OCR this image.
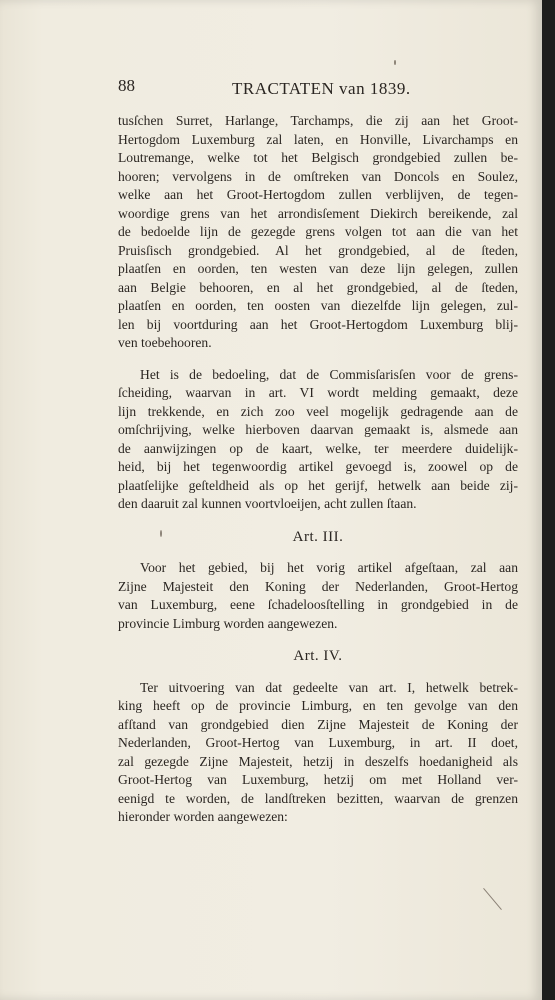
88	TRACTATEN van 1839.
tusſchen Surret, Harlange, Tarchamps, die zij aan het Groot-
Hertogdom Luxemburg zal laten, en Honville, Livarchamps en
Loutremange, welke tot het Belgisch grondgebied zullen be-
hooren; vervolgens in de omſtreken van Doncols en Soulez,
welke aan het Groot-Hertogdom zullen verblijven, de tegen-
woordige grens van het arrondisſement Diekirch bereikende, zal
de bedoelde lijn de gezegde grens volgen tot aan die van het
Pruisſisch grondgebied. Al het grondgebied, al de ſteden,
plaatſen en oorden, ten westen van deze lijn gelegen, zullen
aan Belgie behooren, en al het grondgebied, al de ſteden,
plaatſen en oorden, ten oosten van diezelfde lijn gelegen, zul-
len bij voortduring aan het Groot-Hertogdom Luxemburg blij-
ven toebehooren.
Het is de bedoeling, dat de Commisſarisſen voor de grens-
ſcheiding, waarvan in art. VI wordt melding gemaakt, deze
lijn trekkende, en zich zoo veel mogelijk gedragende aan de
omſchrijving, welke hierboven daarvan gemaakt is, alsmede aan
de aanwijzingen op de kaart, welke, ter meerdere duidelijk-
heid, bij het tegenwoordig artikel gevoegd is, zoowel op de
plaatſelijke geſteldheid als op het gerijf, hetwelk aan beide zij-
den daaruit zal kunnen voortvloeijen, acht zullen ſtaan.
Art. III.
Voor het gebied, bij het vorig artikel afgeſtaan, zal aan
Zijne Majesteit den Koning der Nederlanden, Groot-Hertog
van Luxemburg, eene ſchadeloosſtelling in grondgebied in de
provincie Limburg worden aangewezen.
Art. IV.
Ter uitvoering van dat gedeelte van art. I, hetwelk betrek-
king heeft op de provincie Limburg, en ten gevolge van den
afſtand van grondgebied dien Zijne Majesteit de Koning der
Nederlanden, Groot-Hertog van Luxemburg, in art. II doet,
zal gezegde Zijne Majesteit, hetzij in deszelfs hoedanigheid als
Groot-Hertog van Luxemburg, hetzij om met Holland ver-
eenigd te worden, de landſtreken bezitten, waarvan de grenzen
hieronder worden aangewezen:
